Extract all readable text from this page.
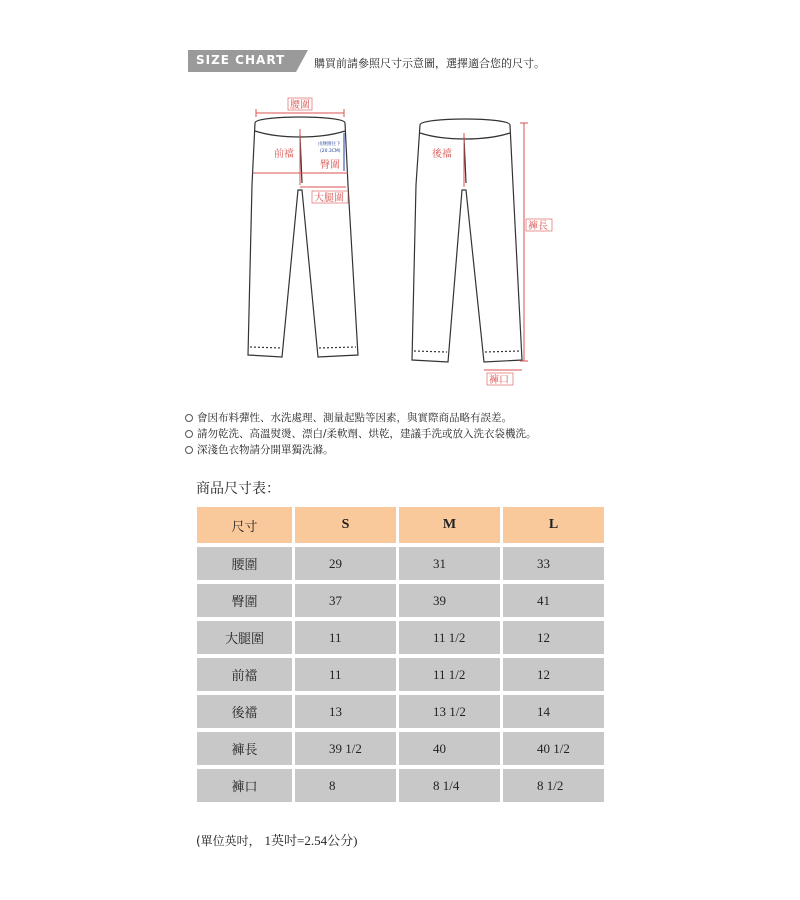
SIZE CHART	購買前請參照尺寸示意圖，選擇適合您的尺寸。
腰圍
前襠
臀圍
大腿圍
由腰圍往下
(20.3CM)	後襠
褲長
褲口
會因布料彈性、水洗處理、測量起點等因素，與實際商品略有誤差。
請勿乾洗、高溫熨燙、漂白/柔軟劑、烘乾，建議手洗或放入洗衣袋機洗。
深淺色衣物請分開單獨洗滌。
商品尺寸表：
尺寸	S	M	L
腰圍	29	31	33
臀圍	37	39	41
大腿圍	11	11 1/2	12
前襠	11	11 1/2	12
後襠	13	13 1/2	14
褲長	39 1/2	40	40 1/2
褲口	8	8 1/4	8 1/2
(單位英吋， 1英吋=2.54公分)
